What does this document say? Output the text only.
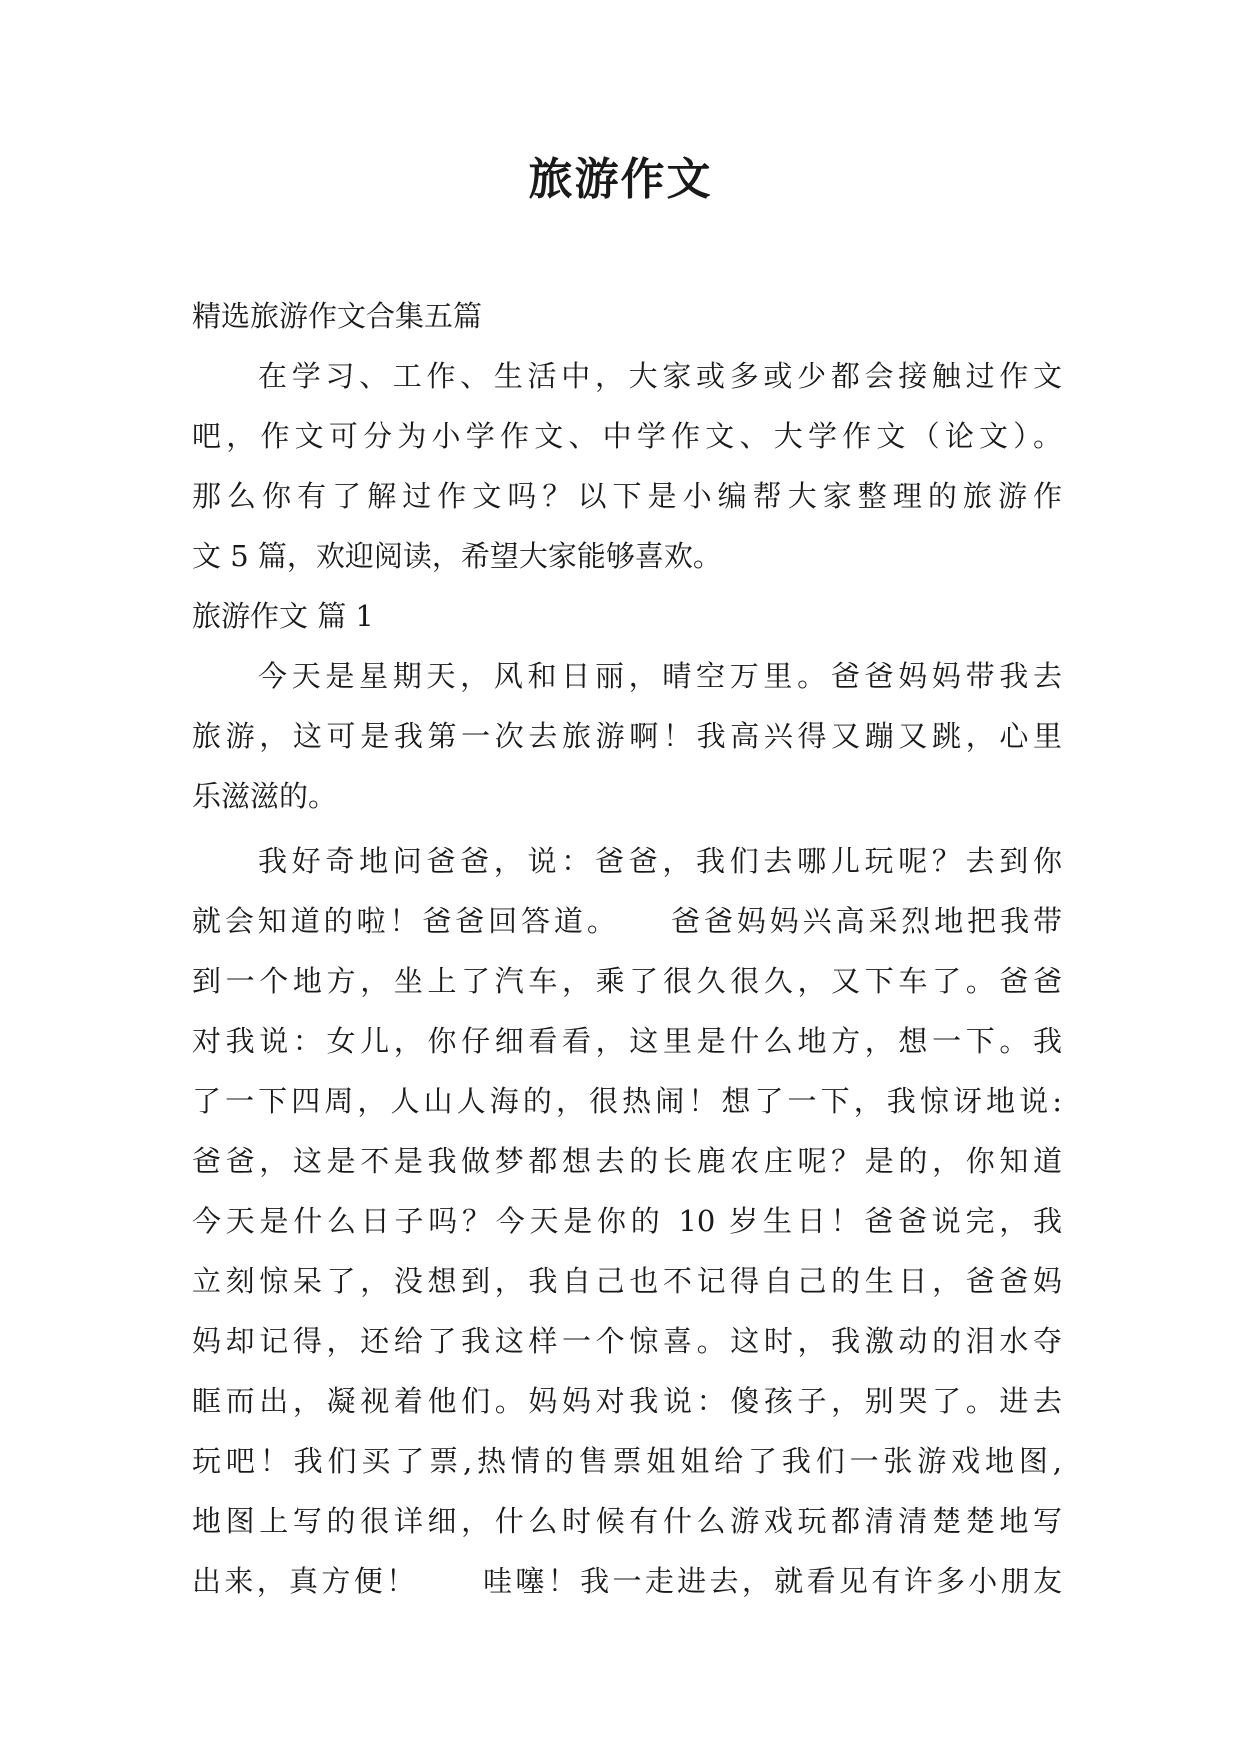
旅游作文
精选旅游作文合集五篇
在学习、工作、生活中，大家或多或少都会接触过作文
吧，作文可分为小学作文、中学作文、大学作文（论文）。
那么你有了解过作文吗？以下是小编帮大家整理的旅游作
文 5 篇，欢迎阅读，希望大家能够喜欢。
旅游作文 篇 1
今天是星期天，风和日丽，晴空万里。爸爸妈妈带我去
旅游，这可是我第一次去旅游啊！我高兴得又蹦又跳，心里
乐滋滋的。
我好奇地问爸爸，说：爸爸，我们去哪儿玩呢？去到你
就会知道的啦！爸爸回答道。　　爸爸妈妈兴高采烈地把我带
到一个地方，坐上了汽车，乘了很久很久，又下车了。爸爸
对我说：女儿，你仔细看看，这里是什么地方，想一下。我
了一下四周，人山人海的，很热闹！想了一下，我惊讶地说:
爸爸，这是不是我做梦都想去的长鹿农庄呢？是的，你知道
今天是什么日子吗？今天是你的 10 岁生日！爸爸说完，我
立刻惊呆了，没想到，我自己也不记得自己的生日，爸爸妈
妈却记得，还给了我这样一个惊喜。这时，我激动的泪水夺
眶而出，凝视着他们。妈妈对我说：傻孩子，别哭了。进去
玩吧！我们买了票,热情的售票姐姐给了我们一张游戏地图,
地图上写的很详细，什么时候有什么游戏玩都清清楚楚地写
出来，真方便！　　哇噻！我一走进去，就看见有许多小朋友
